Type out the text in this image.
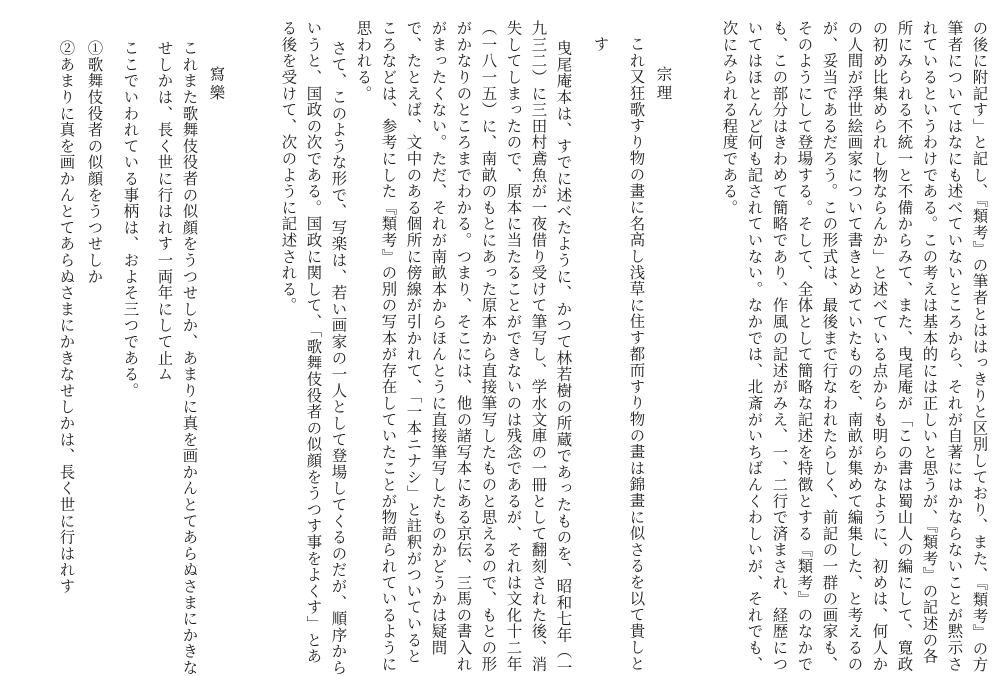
の後に附記す」と記し、『類考』の筆者とははっきりと区別しており、また、『類考』の方
筆者についてはなにも述べていないところから、それが自著にはかならないことが黙示さ
れているというわけである。この考えは基本的には正しいと思うが、『類考』の記述の各
所にみられる不統一と不備からみて、また、曳尾庵が「この書は蜀山人の編にして、寛政
の初め比集められし物ならんか」と述べている点からも明らかなように、初めは、何人か
の人間が浮世絵画家について書きとめていたものを、南畝が集めて編集した、と考えるの
が、妥当であるだろう。この形式は、最後まで行なわれたらしく、前記の一群の画家も、
そのようにして登場する。そして、全体として簡略な記述を特徴とする『類考』のなかで
も、この部分はきわめて簡略であり、作風の記述がみえ、一、二行で済まされ、経歴につ
いてはほとんど何も記されていない。なかでは、北斎がいちばんくわしいが、それでも、
次にみられる程度である。
宗理
これ又狂歌すり物の畫に名高し浅草に住す都而すり物の畫は錦畫に似さるを以て貴しと
す
曳尾庵本は、すでに述べたように、かつて林若樹の所蔵であったものを、昭和七年（一
九三二）に三田村鳶魚が一夜借り受けて筆写し、学水文庫の一冊として翻刻された後、消
失してしまったので、原本に当たることができないのは残念であるが、それは文化十二年
（一八一五）に、南畝のもとにあった原本から直接筆写したものと思えるので、もとの形
がかなりのところまでわかる。つまり、そこには、他の諸写本にある京伝、三馬の書入れ
がまったくない。ただ、それが南畝本からほんとうに直接筆写したものかどうかは疑問
で、たとえば、文中のある個所に傍線が引かれて、「一本ニナシ」と註釈がついていると
ころなどは、参考にした『類考』の別の写本が存在していたことが物語られているように
思われる。
さて、このような形で、写楽は、若い画家の一人として登場してくるのだが、順序から
いうと、国政の次である。国政に関して、「歌舞伎役者の似顔をうつす事をよくす」とあ
る後を受けて、次のように記述される。
寫樂
これまた歌舞伎役者の似顔をうつせしか、あまりに真を画かんとてあらぬさまにかきな
せしかは、長く世に行はれす一両年にして止ム
ここでいわれている事柄は、およそ三つである。
①歌舞伎役者の似顔をうつせしか
②あまりに真を画かんとてあらぬさまにかきなせしかは、長く世に行はれす
